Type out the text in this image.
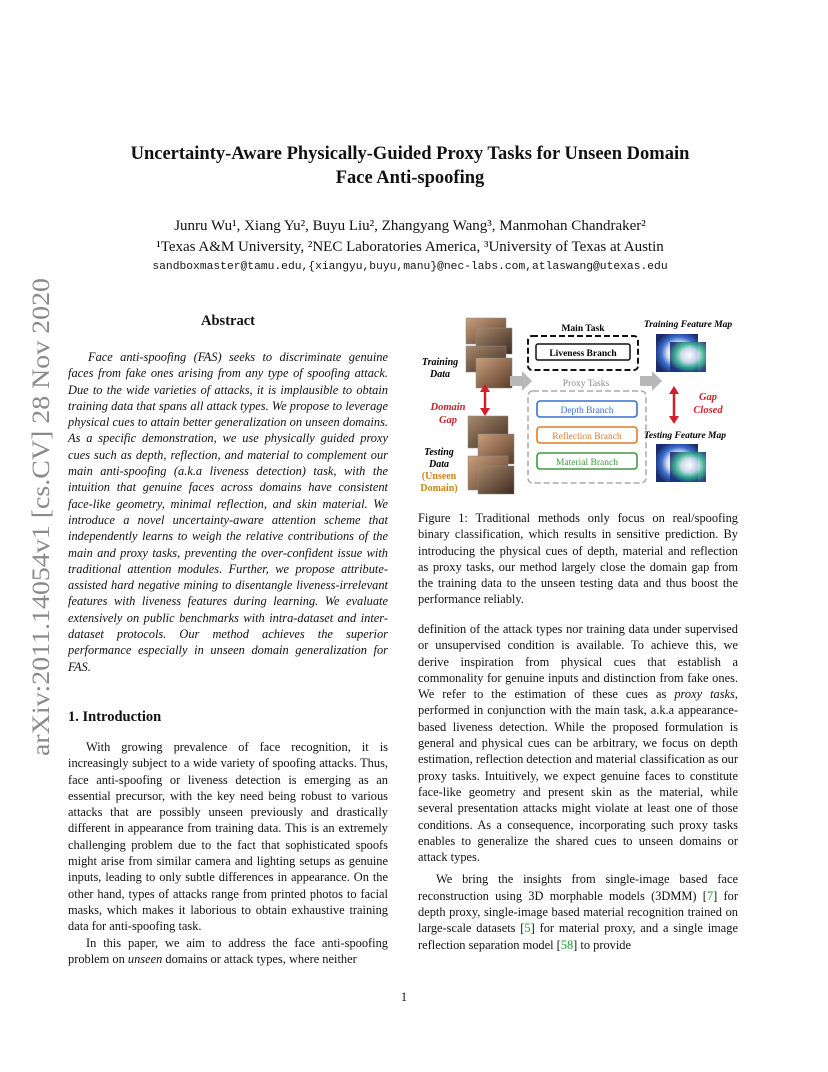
Uncertainty-Aware Physically-Guided Proxy Tasks for Unseen Domain
Face Anti-spoofing
Junru Wu¹, Xiang Yu², Buyu Liu², Zhangyang Wang³, Manmohan Chandraker²
¹Texas A&M University, ²NEC Laboratories America, ³University of Texas at Austin
sandboxmaster@tamu.edu,{xiangyu,buyu,manu}@nec-labs.com,atlaswang@utexas.edu
arXiv:2011.14054v1 [cs.CV] 28 Nov 2020	Abstract

Face anti-spoofing (FAS) seeks to discriminate genuine faces from fake ones arising from any type of spoofing attack. Due to the wide varieties of attacks, it is implausible to obtain training data that spans all attack types. We propose to leverage physical cues to attain better generalization on unseen domains. As a specific demonstration, we use physically guided proxy cues such as depth, reflection, and material to complement our main anti-spoofing (a.k.a liveness detection) task, with the intuition that genuine faces across domains have consistent face-like geometry, minimal reflection, and skin material. We introduce a novel uncertainty-aware attention scheme that independently learns to weigh the relative contributions of the main and proxy tasks, preventing the over-confident issue with traditional attention modules. Further, we propose attribute-assisted hard negative mining to disentangle liveness-irrelevant features with liveness features during learning. We evaluate extensively on public benchmarks with intra-dataset and inter-dataset protocols. Our method achieves the superior performance especially in unseen domain generalization for FAS.

1. Introduction

With growing prevalence of face recognition, it is increasingly subject to a wide variety of spoofing attacks. Thus, face anti-spoofing or liveness detection is emerging as an essential precursor, with the key need being robust to various attacks that are possibly unseen previously and drastically different in appearance from training data. This is an extremely challenging problem due to the fact that sophisticated spoofs might arise from similar camera and lighting setups as genuine inputs, leading to only subtle differences in appearance. On the other hand, types of attacks range from printed photos to facial masks, which makes it laborious to obtain exhaustive training data for anti-spoofing task.

In this paper, we aim to address the face anti-spoofing problem on unseen domains or attack types, where neither

Training
Data
Domain
Gap
Testing
Data
(Unseen
Domain)
Main Task
Liveness Branch
Proxy Tasks
Depth Branch
Reflection Branch
Material Branch
Training Feature Map
Gap
Closed
Testing Feature Map

Figure 1: Traditional methods only focus on real/spoofing binary classification, which results in sensitive prediction. By introducing the physical cues of depth, material and reflection as proxy tasks, our method largely close the domain gap from the training data to the unseen testing data and thus boost the performance reliably.

definition of the attack types nor training data under supervised or unsupervised condition is available. To achieve this, we derive inspiration from physical cues that establish a commonality for genuine inputs and distinction from fake ones. We refer to the estimation of these cues as proxy tasks, performed in conjunction with the main task, a.k.a appearance-based liveness detection. While the proposed formulation is general and physical cues can be arbitrary, we focus on depth estimation, reflection detection and material classification as our proxy tasks. Intuitively, we expect genuine faces to constitute face-like geometry and present skin as the material, while several presentation attacks might violate at least one of those conditions. As a consequence, incorporating such proxy tasks enables to generalize the shared cues to unseen domains or attack types.

We bring the insights from single-image based face reconstruction using 3D morphable models (3DMM) [7] for depth proxy, single-image based material recognition trained on large-scale datasets [5] for material proxy, and a single image reflection separation model [58] to provide

1
